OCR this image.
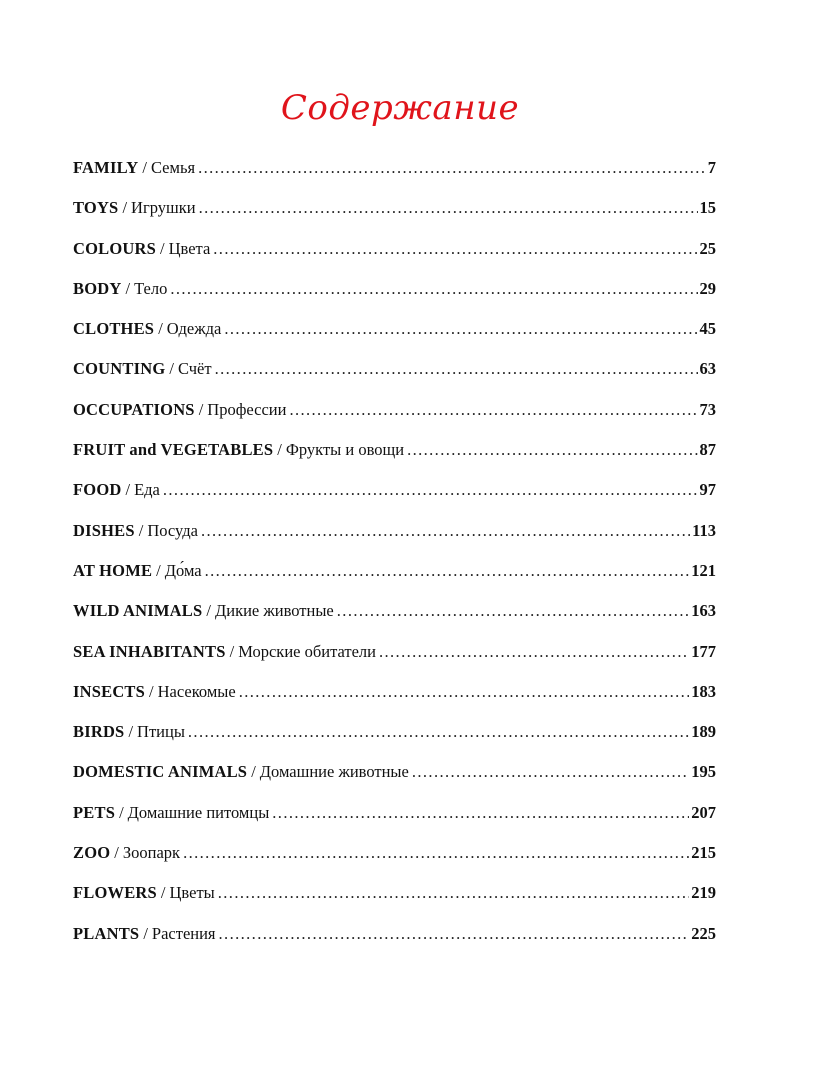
Содержание
FAMILY / Семья .....	7
TOYS / Игрушки .....	15
COLOURS / Цвета .....	25
BODY / Тело .....	29
CLOTHES / Одежда .....	45
COUNTING / Счёт .....	63
OCCUPATIONS / Профессии .....	73
FRUIT and VEGETABLES / Фрукты и овощи .....	87
FOOD / Еда .....	97
DISHES / Посуда .....	113
AT HOME / До́ма .....	121
WILD ANIMALS / Дикие животные .....	163
SEA INHABITANTS / Морские обитатели .....	177
INSECTS / Насекомые .....	183
BIRDS / Птицы .....	189
DOMESTIC ANIMALS / Домашние животные .....	195
PETS / Домашние питомцы .....	207
ZOO / Зоопарк .....	215
FLOWERS / Цветы .....	219
PLANTS / Растения .....	225
